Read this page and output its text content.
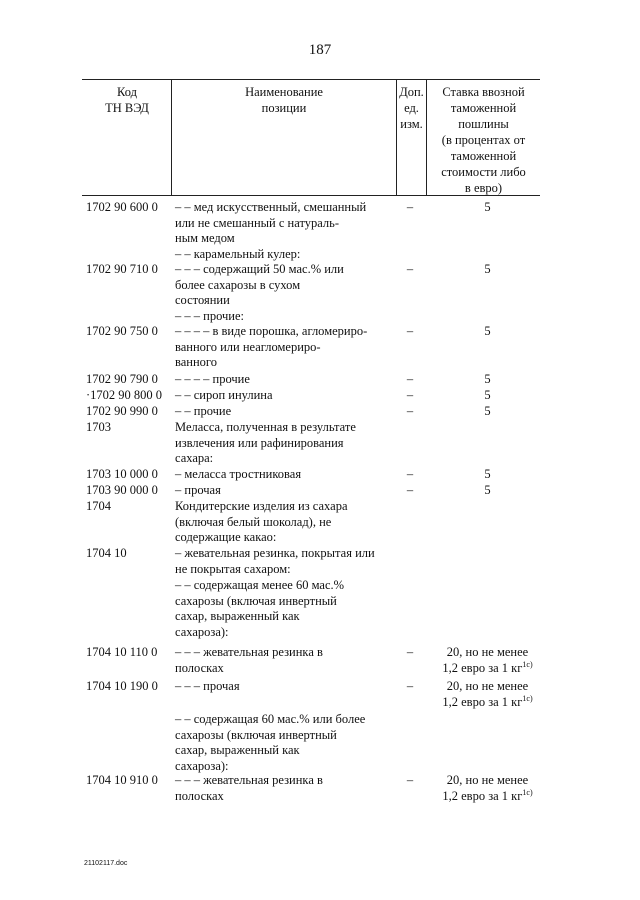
187
Код
ТН ВЭД
Наименование
позиции
Доп.
ед.
изм.
Ставка ввозной
таможенной
пошлины
(в процентах от
таможенной
стоимости либо
в евро)
1702 90 600 0	– – мед искусственный, смешанный
или не смешанный с натураль-
ным медом
–	5
– – карамельный кулер:
1702 90 710 0	– – – содержащий 50 мас.% или
более сахарозы в сухом
состоянии
–	5
– – – прочие:
1702 90 750 0	– – – – в виде порошка, агломериро-
ванного или неагломериро-
ванного
–	5
1702 90 790 0	– – – – прочие	–	5
·1702 90 800 0	– – сироп инулина	–	5
1702 90 990 0	– – прочие	–	5
1703	Меласса, полученная в результате
извлечения или рафинирования
сахара:
1703 10 000 0	– меласса тростниковая	–	5
1703 90 000 0	– прочая	–	5
1704	Кондитерские изделия из сахара
(включая белый шоколад), не
содержащие какао:
1704 10	– жевательная резинка, покрытая или
не покрытая сахаром:
– – содержащая менее 60 мас.%
сахарозы (включая инвертный
сахар, выраженный как
сахароза):
1704 10 110 0	– – – жевательная резинка в
полосках
–	20, но не менее
1,2 евро за 1 $кг^{1с)}$
1704 10 190 0	– – – прочая	–	20, но не менее
1,2 евро за 1 $кг^{1с)}$
– – содержащая 60 мас.% или более
сахарозы (включая инвертный
сахар, выраженный как
сахароза):
1704 10 910 0	– – – жевательная резинка в
полосках
–	20, но не менее
1,2 евро за 1 $кг^{1с)}$
21102117.doc
